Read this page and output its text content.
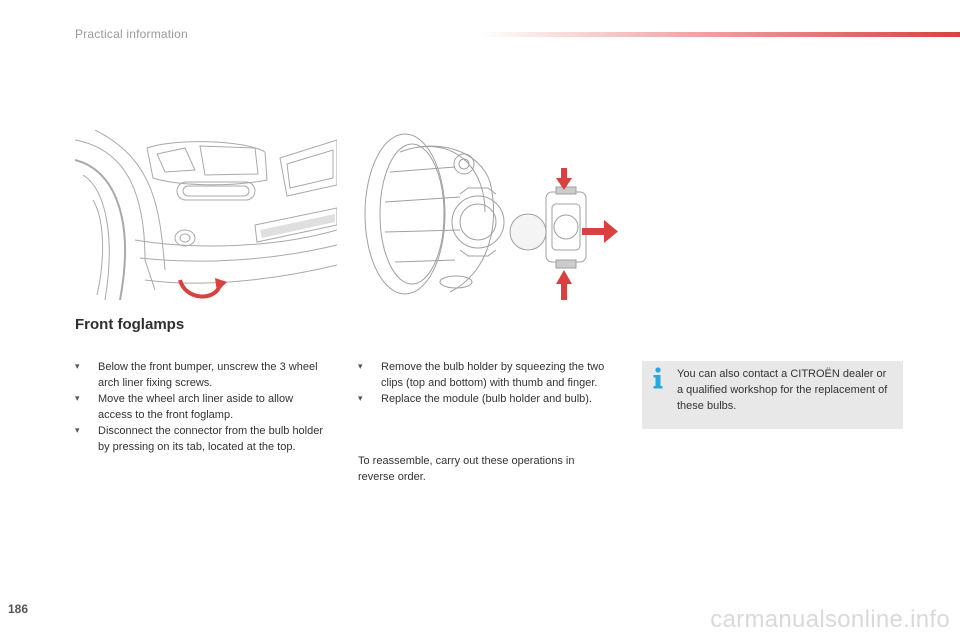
Practical information
Front foglamps

▾ Below the front bumper, unscrew the 3 wheel arch liner fixing screws.

▾ Move the wheel arch liner aside to allow access to the front foglamp.

▾ Disconnect the connector from the bulb holder by pressing on its tab, located at the top.

▾ Remove the bulb holder by squeezing the two clips (top and bottom) with thumb and finger.

▾ Replace the module (bulb holder and bulb).

To reassemble, carry out these operations in reverse order.
You can also contact a CITROËN dealer or a qualified workshop for the replacement of these bulbs.
186	carmanualsonline.info
